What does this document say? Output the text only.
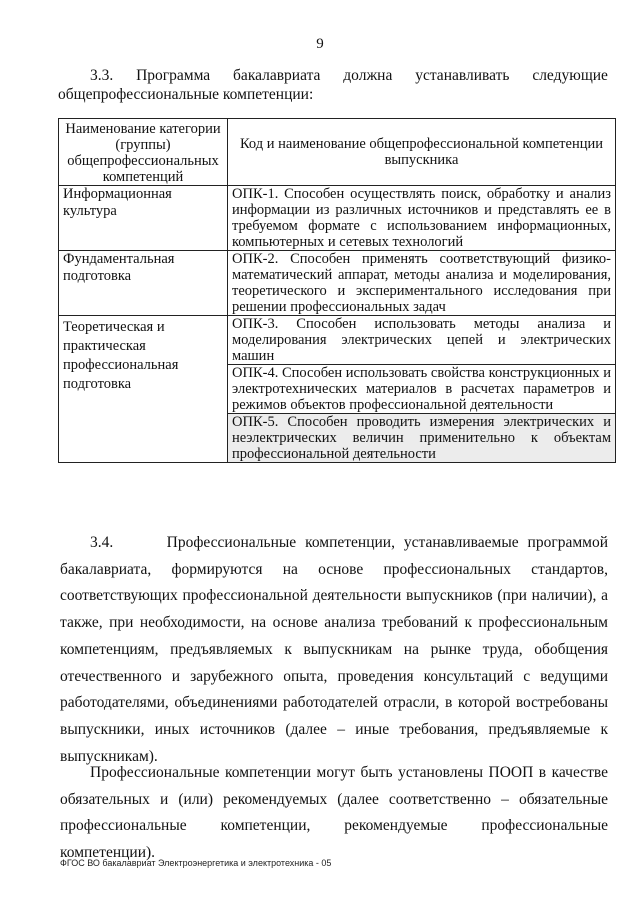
9
3.3. Программа бакалавриата должна устанавливать следующие
общепрофессиональные компетенции:
Наименование категории (группы) общепрофессиональных компетенций	Код и наименование общепрофессиональной компетенции выпускника
Информационная культура	ОПК-1. Способен осуществлять поиск, обработку и анализ информации из различных источников и представлять ее в требуемом формате с использованием информационных, компьютерных и сетевых технологий
Фундаментальная подготовка	ОПК-2. Способен применять соответствующий физико-математический аппарат, методы анализа и моделирования, теоретического и экспериментального исследования при решении профессиональных задач
Теоретическая и практическая профессиональная подготовка	ОПК-3. Способен использовать методы анализа и моделирования электрических цепей и электрических машин
	ОПК-4. Способен использовать свойства конструкционных и электротехнических материалов в расчетах параметров и режимов объектов профессиональной деятельности
	ОПК-5. Способен проводить измерения электрических и неэлектрических величин применительно к объектам профессиональной деятельности
3.4.	Профессиональные компетенции, устанавливаемые программой бакалавриата, формируются на основе профессиональных стандартов, соответствующих профессиональной деятельности выпускников (при наличии), а также, при необходимости, на основе анализа требований к профессиональным компетенциям, предъявляемых к выпускникам на рынке труда, обобщения отечественного и зарубежного опыта, проведения консультаций с ведущими работодателями, объединениями работодателей отрасли, в которой востребованы выпускники, иных источников (далее – иные требования, предъявляемые к выпускникам).
Профессиональные компетенции могут быть установлены ПООП в качестве обязательных и (или) рекомендуемых (далее соответственно – обязательные профессиональные компетенции, рекомендуемые профессиональные компетенции).
ФГОС ВО бакалавриат Электроэнергетика и электротехника - 05
